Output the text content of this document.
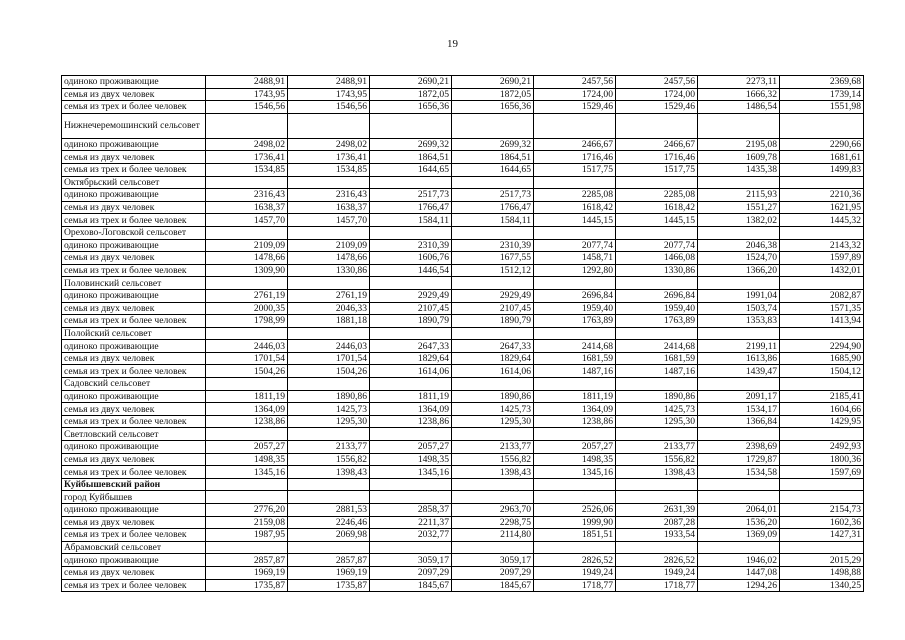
19
одиноко проживающие	2488,91	2488,91	2690,21	2690,21	2457,56	2457,56	2273,11	2369,68
семья из двух человек	1743,95	1743,95	1872,05	1872,05	1724,00	1724,00	1666,32	1739,14
семья из трех и более человек	1546,56	1546,56	1656,36	1656,36	1529,46	1529,46	1486,54	1551,98
Нижнечеремошинский сельсовет								
одиноко проживающие	2498,02	2498,02	2699,32	2699,32	2466,67	2466,67	2195,08	2290,66
семья из двух человек	1736,41	1736,41	1864,51	1864,51	1716,46	1716,46	1609,78	1681,61
семья из трех и более человек	1534,85	1534,85	1644,65	1644,65	1517,75	1517,75	1435,38	1499,83
Октябрьский сельсовет								
одиноко проживающие	2316,43	2316,43	2517,73	2517,73	2285,08	2285,08	2115,93	2210,36
семья из двух человек	1638,37	1638,37	1766,47	1766,47	1618,42	1618,42	1551,27	1621,95
семья из трех и более человек	1457,70	1457,70	1584,11	1584,11	1445,15	1445,15	1382,02	1445,32
Орехово-Логовской сельсовет								
одиноко проживающие	2109,09	2109,09	2310,39	2310,39	2077,74	2077,74	2046,38	2143,32
семья из двух человек	1478,66	1478,66	1606,76	1677,55	1458,71	1466,08	1524,70	1597,89
семья из трех и более человек	1309,90	1330,86	1446,54	1512,12	1292,80	1330,86	1366,20	1432,01
Половинский сельсовет								
одиноко проживающие	2761,19	2761,19	2929,49	2929,49	2696,84	2696,84	1991,04	2082,87
семья из двух человек	2000,35	2046,33	2107,45	2107,45	1959,40	1959,40	1503,74	1571,35
семья из трех и более человек	1798,99	1881,18	1890,79	1890,79	1763,89	1763,89	1353,83	1413,94
Полойский сельсовет								
одиноко проживающие	2446,03	2446,03	2647,33	2647,33	2414,68	2414,68	2199,11	2294,90
семья из двух человек	1701,54	1701,54	1829,64	1829,64	1681,59	1681,59	1613,86	1685,90
семья из трех и более человек	1504,26	1504,26	1614,06	1614,06	1487,16	1487,16	1439,47	1504,12
Садовский сельсовет								
одиноко проживающие	1811,19	1890,86	1811,19	1890,86	1811,19	1890,86	2091,17	2185,41
семья из двух человек	1364,09	1425,73	1364,09	1425,73	1364,09	1425,73	1534,17	1604,66
семья из трех и более человек	1238,86	1295,30	1238,86	1295,30	1238,86	1295,30	1366,84	1429,95
Светловский сельсовет								
одиноко проживающие	2057,27	2133,77	2057,27	2133,77	2057,27	2133,77	2398,69	2492,93
семья из двух человек	1498,35	1556,82	1498,35	1556,82	1498,35	1556,82	1729,87	1800,36
семья из трех и более человек	1345,16	1398,43	1345,16	1398,43	1345,16	1398,43	1534,58	1597,69
Куйбышевский район								
город Куйбышев								
одиноко проживающие	2776,20	2881,53	2858,37	2963,70	2526,06	2631,39	2064,01	2154,73
семья из двух человек	2159,08	2246,46	2211,37	2298,75	1999,90	2087,28	1536,20	1602,36
семья из трех и более человек	1987,95	2069,98	2032,77	2114,80	1851,51	1933,54	1369,09	1427,31
Абрамовский сельсовет								
одиноко проживающие	2857,87	2857,87	3059,17	3059,17	2826,52	2826,52	1946,02	2015,29
семья из двух человек	1969,19	1969,19	2097,29	2097,29	1949,24	1949,24	1447,08	1498,88
семья из трех и более человек	1735,87	1735,87	1845,67	1845,67	1718,77	1718,77	1294,26	1340,25
